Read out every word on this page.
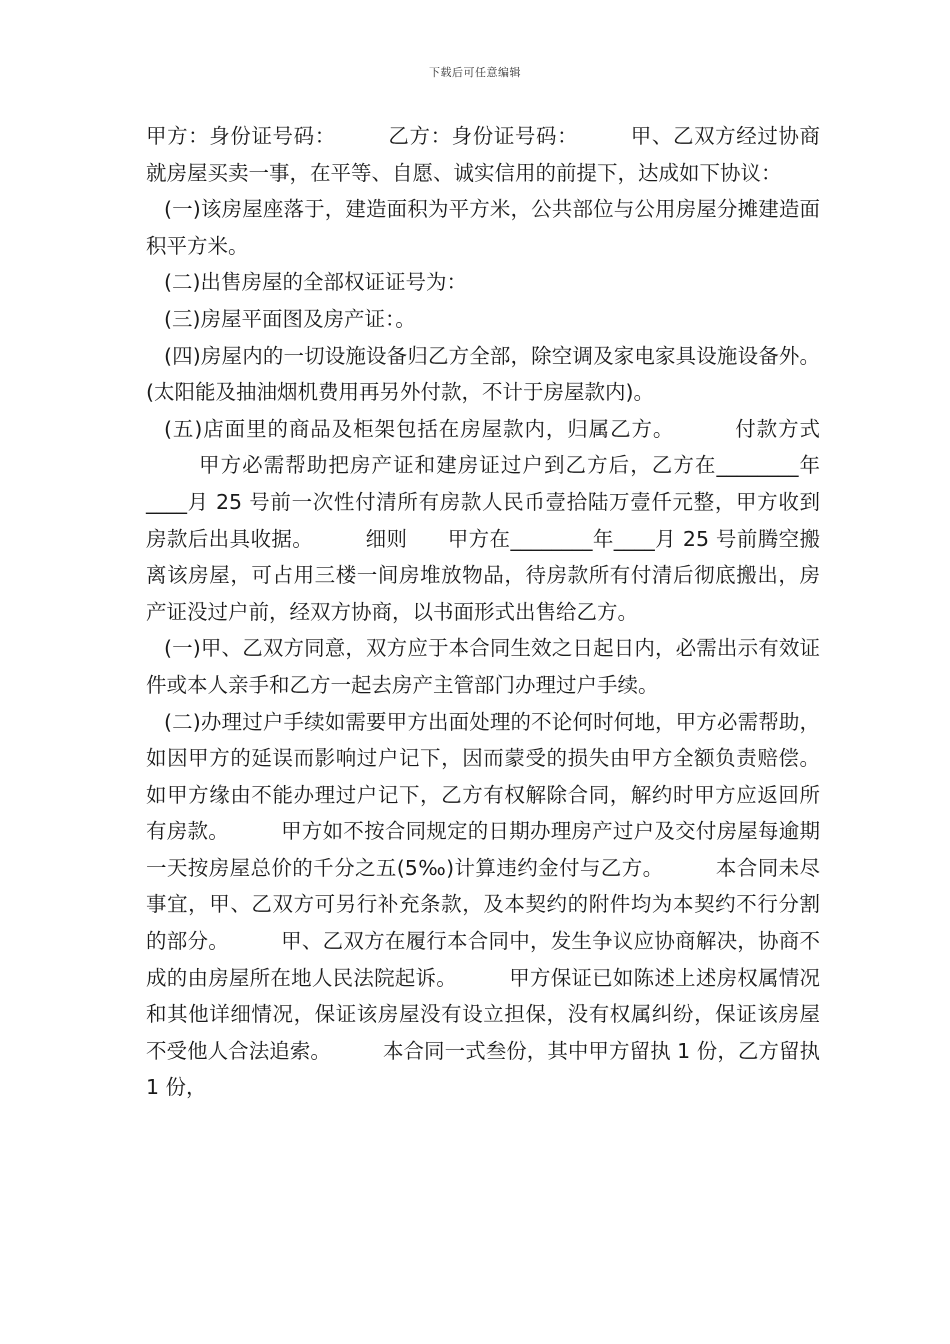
下载后可任意编辑

甲方：身份证号码：	乙方：身份证号码：	甲、乙双方经过协商就房屋买卖一事，在平等、自愿、诚实信用的前提下，达成如下协议：

(一)该房屋座落于，建造面积为平方米，公共部位与公用房屋分摊建造面积平方米。

(二)出售房屋的全部权证证号为：

(三)房屋平面图及房产证：。

(四)房屋内的一切设施设备归乙方全部，除空调及家电家具设施设备外。(太阳能及抽油烟机费用再另外付款，不计于房屋款内)。

(五)店面里的商品及柜架包括在房屋款内，归属乙方。	付款方式甲方必需帮助把房产证和建房证过户到乙方后，乙方在________年____月 25 号前一次性付清所有房款人民币壹拾陆万壹仟元整，甲方收到房款后出具收据。	细则 甲方在________年____月 25 号前腾空搬离该房屋，可占用三楼一间房堆放物品，待房款所有付清后彻底搬出，房产证没过户前，经双方协商，以书面形式出售给乙方。

(一)甲、乙双方同意，双方应于本合同生效之日起日内，必需出示有效证件或本人亲手和乙方一起去房产主管部门办理过户手续。

(二)办理过户手续如需要甲方出面处理的不论何时何地，甲方必需帮助，如因甲方的延误而影响过户记下，因而蒙受的损失由甲方全额负责赔偿。如甲方缘由不能办理过户记下，乙方有权解除合同，解约时甲方应返回所有房款。	甲方如不按合同规定的日期办理房产过户及交付房屋每逾期一天按房屋总价的千分之五(5‰)计算违约金付与乙方。	本合同未尽事宜，甲、乙双方可另行补充条款，及本契约的附件均为本契约不行分割的部分。	甲、乙双方在履行本合同中，发生争议应协商解决，协商不成的由房屋所在地人民法院起诉。	甲方保证已如陈述上述房权属情况和其他详细情况，保证该房屋没有设立担保，没有权属纠纷，保证该房屋不受他人合法追索。	本合同一式叁份，其中甲方留执 1 份，乙方留执 1 份，
